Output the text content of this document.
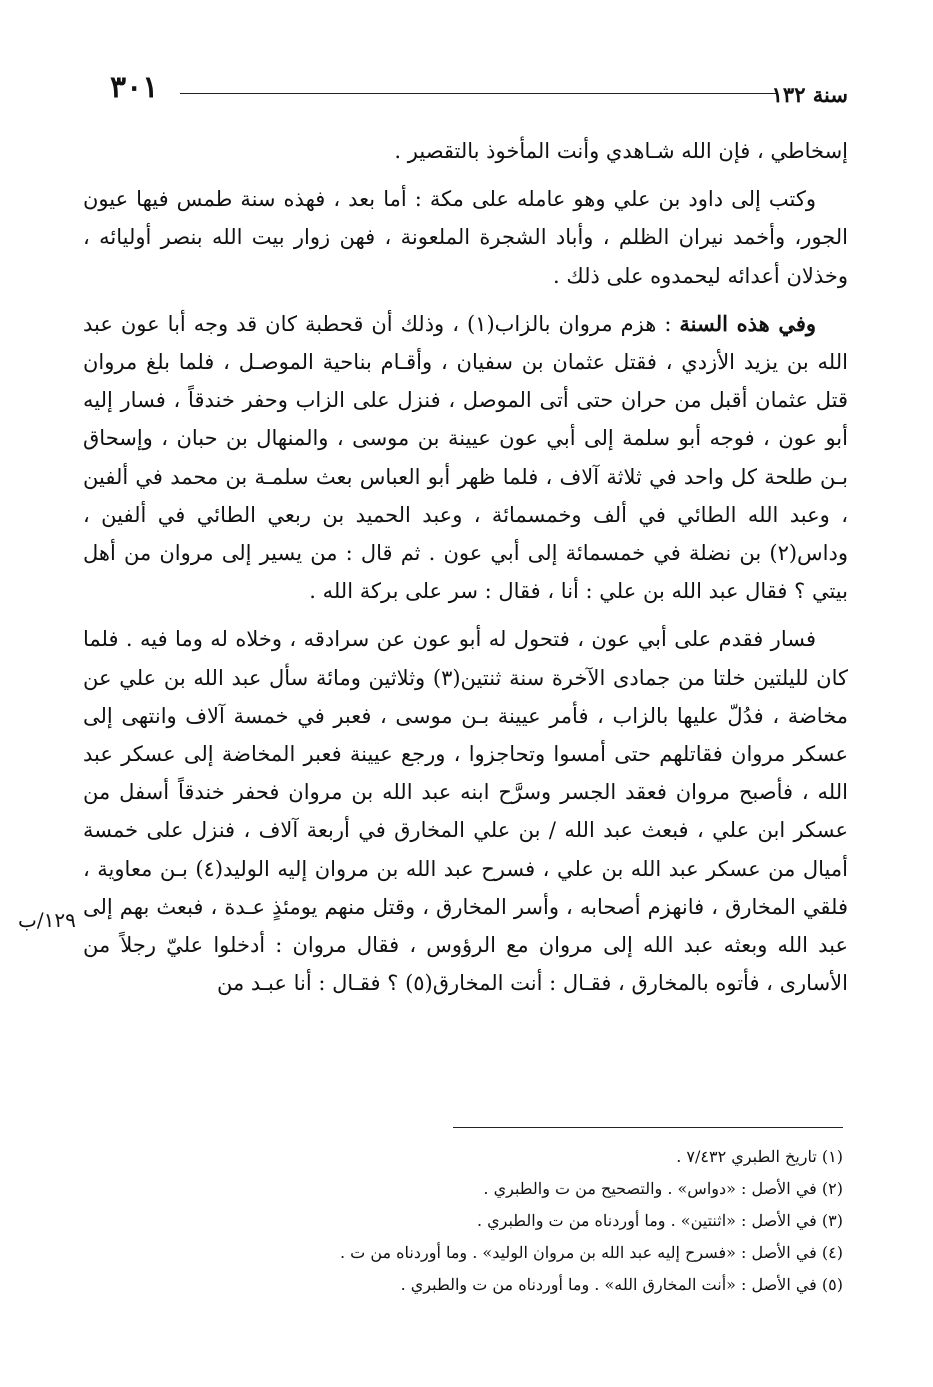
٣٠١	سنة ١٣٢
١٢٩/ب

إسخاطي ، فإن الله شـاهدي وأنت المأخوذ بالتقصير .

وكتب إلى داود بن علي وهو عامله على مكة : أما بعد ، فهذه سنة طمس فيها عيون الجور، وأخمد نيران الظلم ، وأباد الشجرة الملعونة ، فهن زوار بيت الله بنصر أوليائه ، وخذلان أعدائه ليحمدوه على ذلك .

وفي هذه السنة : هزم مروان بالزاب(١) ، وذلك أن قحطبة كان قد وجه أبا عون عبد الله بن يزيد الأزدي ، فقتل عثمان بن سفيان ، وأقـام بناحية الموصـل ، فلما بلغ مروان قتل عثمان أقبل من حران حتى أتى الموصل ، فنزل على الزاب وحفر خندقاً ، فسار إليه أبو عون ، فوجه أبو سلمة إلى أبي عون عيينة بن موسى ، والمنهال بن حبان ، وإسحاق بـن طلحة كل واحد في ثلاثة آلاف ، فلما ظهر أبو العباس بعث سلمـة بن محمد في ألفين ، وعبد الله الطائي في ألف وخمسمائة ، وعبد الحميد بن ربعي الطائي في ألفين ، وداس(٢) بن نضلة في خمسمائة إلى أبي عون . ثم قال : من يسير إلى مروان من أهل بيتي ؟ فقال عبد الله بن علي : أنا ، فقال : سر على بركة الله .

فسار فقدم على أبي عون ، فتحول له أبو عون عن سرادقه ، وخلاه له وما فيه . فلما كان لليلتين خلتا من جمادى الآخرة سنة ثنتين(٣) وثلاثين ومائة سأل عبد الله بن علي عن مخاضة ، فدُلّ عليها بالزاب ، فأمر عيينة بـن موسى ، فعبر في خمسة آلاف وانتهى إلى عسكر مروان فقاتلهم حتى أمسوا وتحاجزوا ، ورجع عيينة فعبر المخاضة إلى عسكر عبد الله ، فأصبح مروان فعقد الجسر وسرَّح ابنه عبد الله بن مروان فحفر خندقاً أسفل من عسكر ابن علي ، فبعث عبد الله / بن علي المخارق في أربعة آلاف ، فنزل على خمسة أميال من عسكر عبد الله بن علي ، فسرح عبد الله بن مروان إليه الوليد(٤) بـن معاوية ، فلقي المخارق ، فانهزم أصحابه ، وأسر المخارق ، وقتل منهم يومئذٍ عـدة ، فبعث بهم إلى عبد الله وبعثه عبد الله إلى مروان مع الرؤوس ، فقال مروان : أدخلوا عليّ رجلاً من الأسارى ، فأتوه بالمخارق ، فقـال : أنت المخارق(٥) ؟ فقـال : أنا عبـد من

(١) تاريخ الطبري ٧/٤٣٢ .
(٢) في الأصل : «دواس» . والتصحيح من ت والطبري .
(٣) في الأصل : «اثنتين» . وما أوردناه من ت والطبري .
(٤) في الأصل : «فسرح إليه عبد الله بن مروان الوليد» . وما أوردناه من ت .
(٥) في الأصل : «أنت المخارق الله» . وما أوردناه من ت والطبري .
